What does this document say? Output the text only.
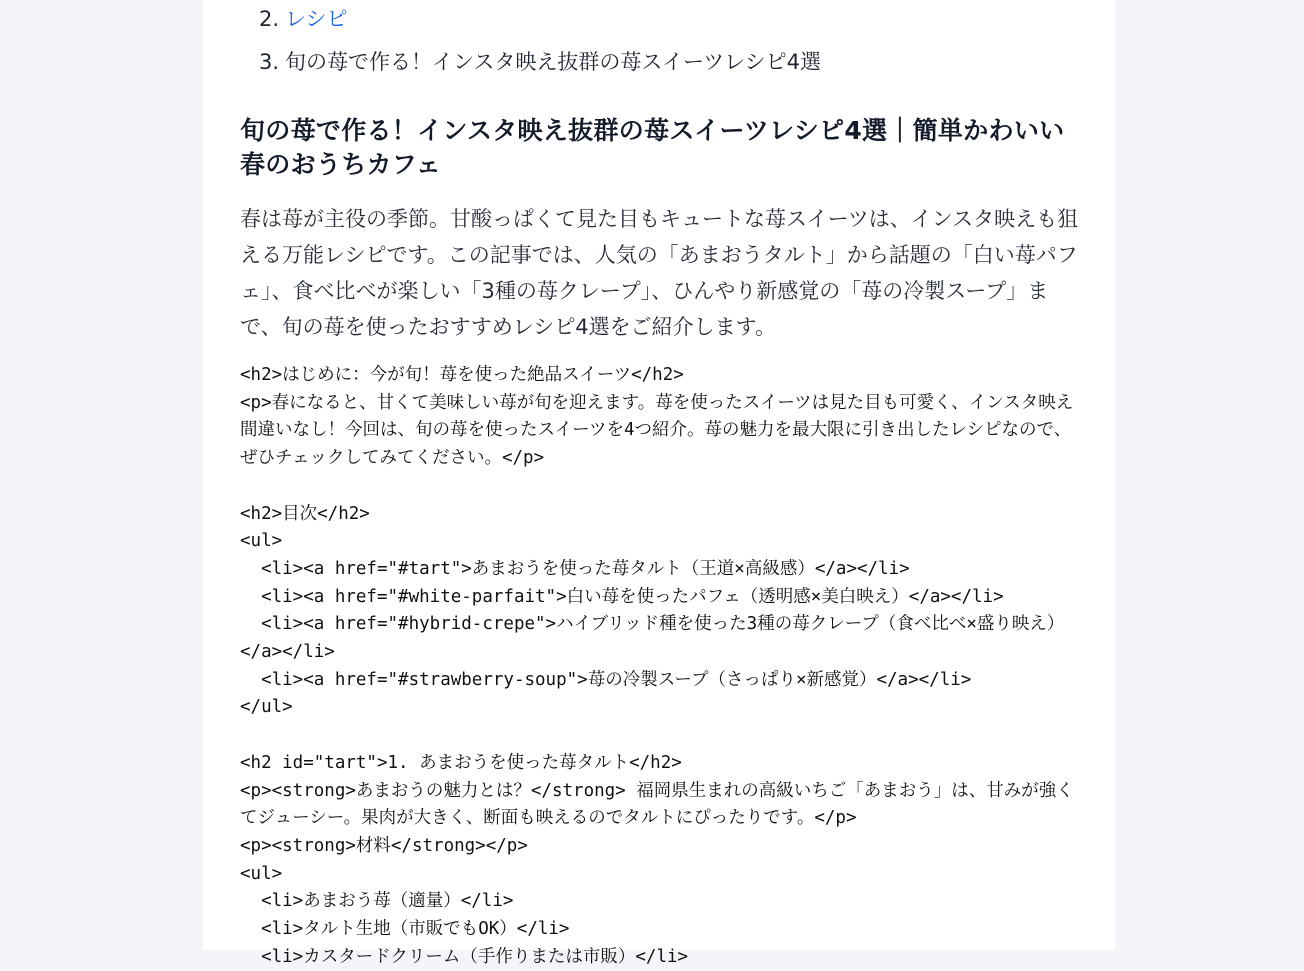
2. レシピ
3. 旬の苺で作る！インスタ映え抜群の苺スイーツレシピ4選
旬の苺で作る！インスタ映え抜群の苺スイーツレシピ4選｜簡単かわいい春のおうちカフェ

春は苺が主役の季節。甘酸っぱくて見た目もキュートな苺スイーツは、インスタ映えも狙える万能レシピです。この記事では、人気の「あまおうタルト」から話題の「白い苺パフェ」、食べ比べが楽しい「3種の苺クレープ」、ひんやり新感覚の「苺の冷製スープ」まで、旬の苺を使ったおすすめレシピ4選をご紹介します。

<h2>はじめに：今が旬！苺を使った絶品スイーツ</h2>
<p>春になると、甘くて美味しい苺が旬を迎えます。苺を使ったスイーツは見た目も可愛く、インスタ映え間違いなし！今回は、旬の苺を使ったスイーツを4つ紹介。苺の魅力を最大限に引き出したレシピなので、ぜひチェックしてみてください。</p>

<h2>目次</h2>
<ul>
<li><a href="#tart">あまおうを使った苺タルト（王道×高級感）</a></li>
<li><a href="#white-parfait">白い苺を使ったパフェ（透明感×美白映え）</a></li>
<li><a href="#hybrid-crepe">ハイブリッド種を使った3種の苺クレープ（食べ比べ×盛り映え）</a></li>
<li><a href="#strawberry-soup">苺の冷製スープ（さっぱり×新感覚）</a></li>
</ul>

<h2 id="tart">1. あまおうを使った苺タルト</h2>
<p><strong>あまおうの魅力とは？</strong> 福岡県生まれの高級いちご「あまおう」は、甘みが強くてジューシー。果肉が大きく、断面も映えるのでタルトにぴったりです。</p>
<p><strong>材料</strong></p>
<ul>
<li>あまおう苺（適量）</li>
<li>タルト生地（市販でもOK）</li>
<li>カスタードクリーム（手作りまたは市販）</li>
